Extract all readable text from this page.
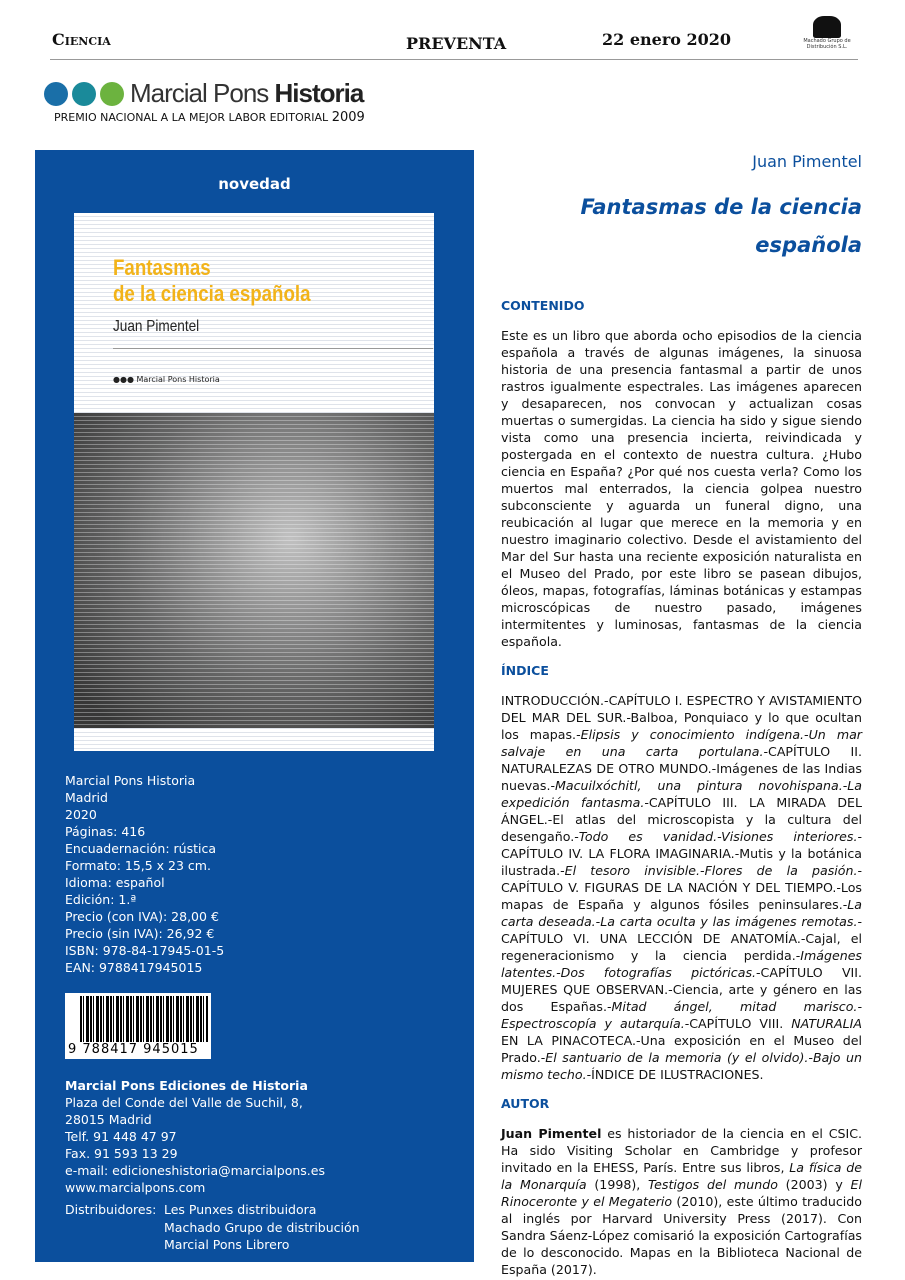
Ciencia	PREVENTA	22 enero 2020	Machado Grupo de Distribución S.L.
Marcial Pons Historia
PREMIO NACIONAL A LA MEJOR LABOR EDITORIAL 2009
novedad
Fantasmas
de la ciencia española
Juan Pimentel
●●● Marcial Pons Historia
Marcial Pons Historia
Madrid
2020
Páginas: 416
Encuadernación: rústica
Formato: 15,5 x 23 cm.
Idioma: español
Edición: 1.ª
Precio (con IVA): 28,00 €
Precio (sin IVA): 26,92 €
ISBN: 978-84-17945-01-5
EAN: 9788417945015
9 788417 945015
Marcial Pons Ediciones de Historia
Plaza del Conde del Valle de Suchil, 8,
28015 Madrid
Telf. 91 448 47 97
Fax. 91 593 13 29
e-mail: edicioneshistoria@marcialpons.es
www.marcialpons.com
Distribuidores: Les Punxes distribuidora
Machado Grupo de distribución
Marcial Pons Librero
Juan Pimentel
Fantasmas de la ciencia española
CONTENIDO
Este es un libro que aborda ocho episodios de la ciencia española a través de algunas imágenes, la sinuosa historia de una presencia fantasmal a partir de unos rastros igualmente espectrales. Las imágenes aparecen y desaparecen, nos convocan y actualizan cosas muertas o sumergidas. La ciencia ha sido y sigue siendo vista como una presencia incierta, reivindicada y postergada en el contexto de nuestra cultura. ¿Hubo ciencia en España? ¿Por qué nos cuesta verla? Como los muertos mal enterrados, la ciencia golpea nuestro subconsciente y aguarda un funeral digno, una reubicación al lugar que merece en la memoria y en nuestro imaginario colectivo. Desde el avistamiento del Mar del Sur hasta una reciente exposición naturalista en el Museo del Prado, por este libro se pasean dibujos, óleos, mapas, fotografías, láminas botánicas y estampas microscópicas de nuestro pasado, imágenes intermitentes y luminosas, fantasmas de la ciencia española.
ÍNDICE
INTRODUCCIÓN.-CAPÍTULO I. ESPECTRO Y AVISTAMIENTO DEL MAR DEL SUR.-Balboa, Ponquiaco y lo que ocultan los mapas.-Elipsis y conocimiento indígena.-Un mar salvaje en una carta portulana.-CAPÍTULO II. NATURALEZAS DE OTRO MUNDO.-Imágenes de las Indias nuevas.-Macuilxóchitl, una pintura novohispana.-La expedición fantasma.-CAPÍTULO III. LA MIRADA DEL ÁNGEL.-El atlas del microscopista y la cultura del desengaño.-Todo es vanidad.-Visiones interiores.-CAPÍTULO IV. LA FLORA IMAGINARIA.-Mutis y la botánica ilustrada.-El tesoro invisible.-Flores de la pasión.-CAPÍTULO V. FIGURAS DE LA NACIÓN Y DEL TIEMPO.-Los mapas de España y algunos fósiles peninsulares.-La carta deseada.-La carta oculta y las imágenes remotas.-CAPÍTULO VI. UNA LECCIÓN DE ANATOMÍA.-Cajal, el regeneracionismo y la ciencia perdida.-Imágenes latentes.-Dos fotografías pictóricas.-CAPÍTULO VII. MUJERES QUE OBSERVAN.-Ciencia, arte y género en las dos Españas.-Mitad ángel, mitad marisco.-Espectroscopía y autarquía.-CAPÍTULO VIII. NATURALIA EN LA PINACOTECA.-Una exposición en el Museo del Prado.-El santuario de la memoria (y el olvido).-Bajo un mismo techo.-ÍNDICE DE ILUSTRACIONES.
AUTOR
Juan Pimentel es historiador de la ciencia en el CSIC. Ha sido Visiting Scholar en Cambridge y profesor invitado en la EHESS, París. Entre sus libros, La física de la Monarquía (1998), Testigos del mundo (2003) y El Rinoceronte y el Megaterio (2010), este último traducido al inglés por Harvard University Press (2017). Con Sandra Sáenz-López comisarió la exposición Cartografías de lo desconocido. Mapas en la Biblioteca Nacional de España (2017).
